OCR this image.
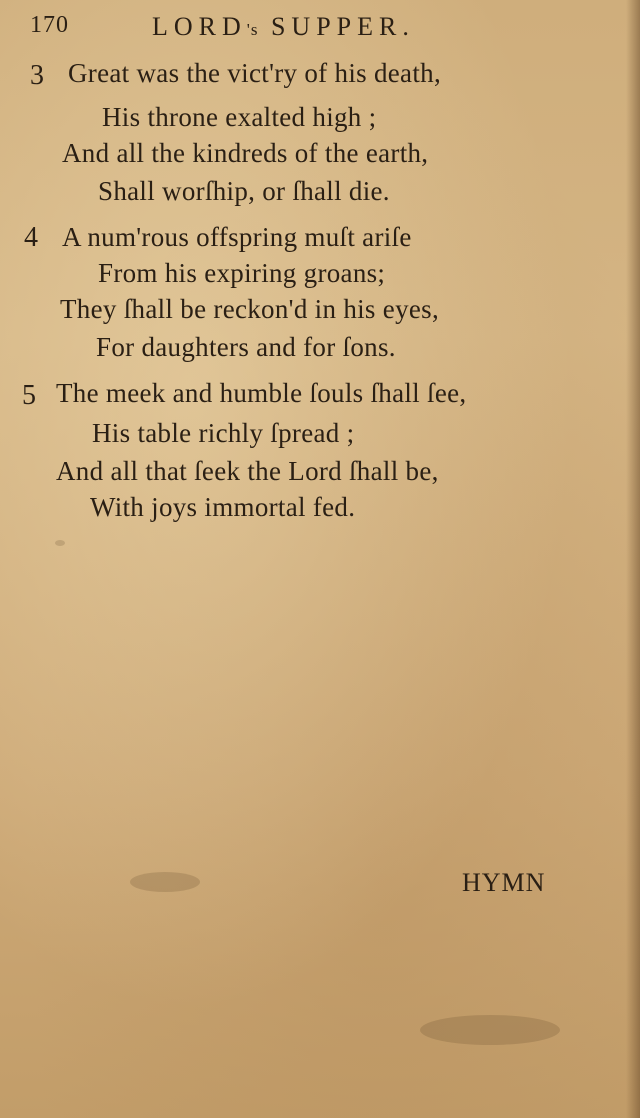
170	LORD's SUPPER.
3 Great was the vict'ry of his death,
His throne exalted high ;
And all the kindreds of the earth,
Shall worſhip, or ſhall die.
4 A num'rous offspring muſt ariſe
From his expiring groans;
They ſhall be reckon'd in his eyes,
For daughters and for ſons.
5 The meek and humble ſouls ſhall ſee,
His table richly ſpread ;
And all that ſeek the Lord ſhall be,
With joys immortal fed.
HYMN
